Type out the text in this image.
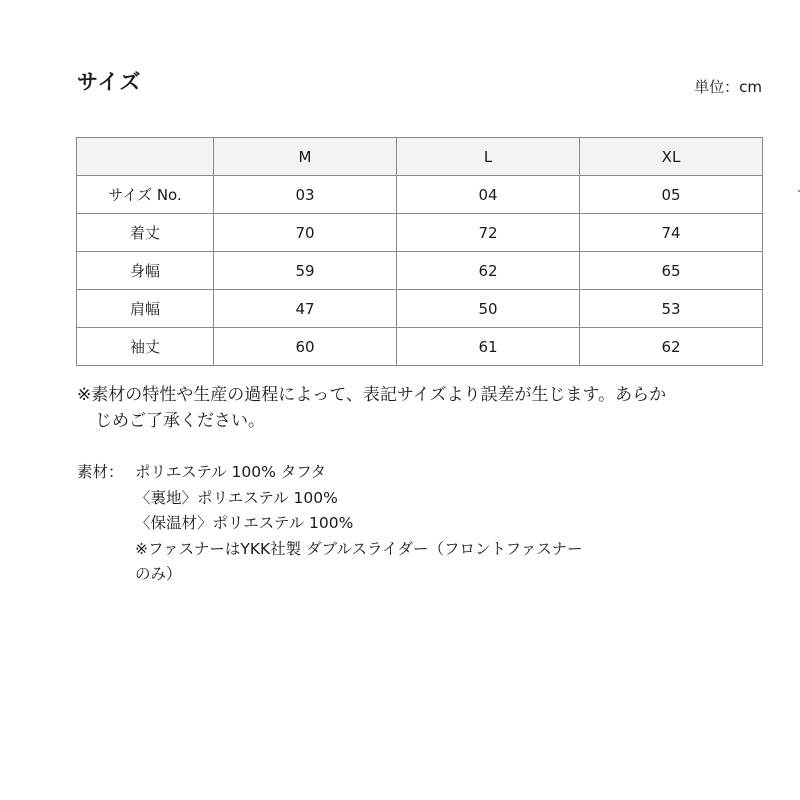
サイズ	単位：cm
	M	L	XL
サイズ No.	03	04	05
着丈	70	72	74
身幅	59	62	65
肩幅	47	50	53
袖丈	60	61	62
※素材の特性や生産の過程によって、表記サイズより誤差が生じます。あらか
じめご了承ください。
素材： ポリエステル 100% タフタ
〈裏地〉ポリエステル 100%
〈保温材〉ポリエステル 100%
※ファスナーはYKK社製 ダブルスライダー（フロントファスナー
のみ）
